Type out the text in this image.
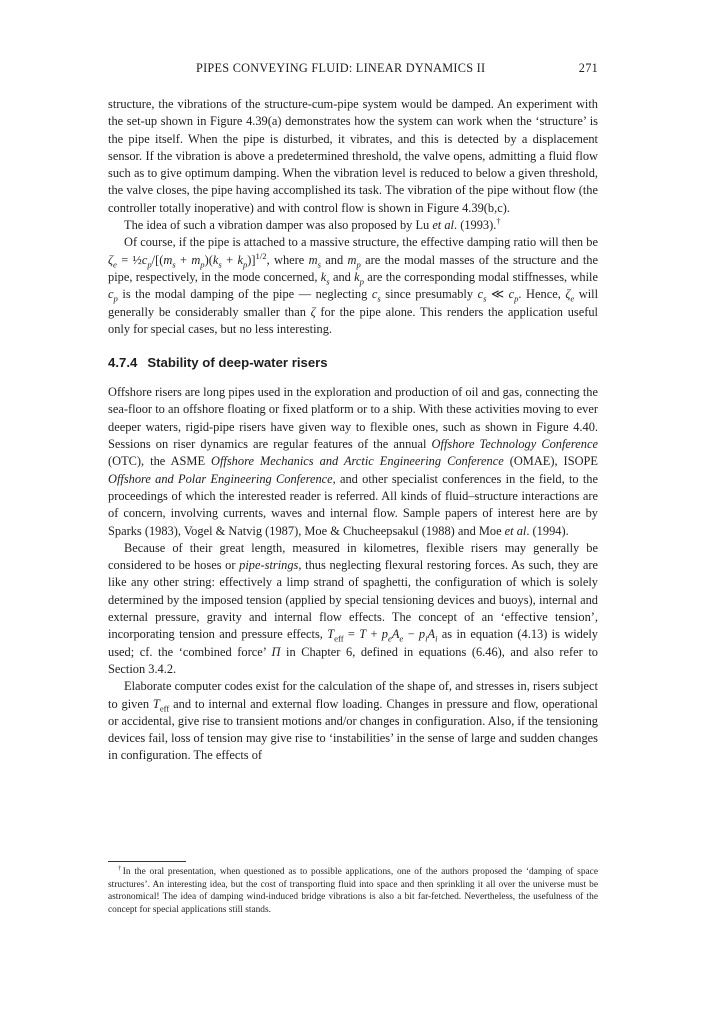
PIPES CONVEYING FLUID: LINEAR DYNAMICS II	271

structure, the vibrations of the structure-cum-pipe system would be damped. An experiment with the set-up shown in Figure 4.39(a) demonstrates how the system can work when the ‘structure’ is the pipe itself. When the pipe is disturbed, it vibrates, and this is detected by a displacement sensor. If the vibration is above a predetermined threshold, the valve opens, admitting a fluid flow such as to give optimum damping. When the vibration level is reduced to below a given threshold, the valve closes, the pipe having accomplished its task. The vibration of the pipe without flow (the controller totally inoperative) and with control flow is shown in Figure 4.39(b,c).

The idea of such a vibration damper was also proposed by Lu et al. (1993).†

Of course, if the pipe is attached to a massive structure, the effective damping ratio will then be $\zeta_e$ = $\frac{1}{2}c_p/[(m_s + m_p)(k_s + k_p)]^{1/2}$, where $m_s$ and $m_p$ are the modal masses of the structure and the pipe, respectively, in the mode concerned, $k_s$ and $k_p$ are the corresponding modal stiffnesses, while $c_p$ is the modal damping of the pipe — neglecting $c_s$ since presumably $c_s$ ≪ $c_p$. Hence, $\zeta_e$ will generally be considerably smaller than ζ for the pipe alone. This renders the application useful only for special cases, but no less interesting.

4.7.4 Stability of deep-water risers

Offshore risers are long pipes used in the exploration and production of oil and gas, connecting the sea-floor to an offshore floating or fixed platform or to a ship. With these activities moving to ever deeper waters, rigid-pipe risers have given way to flexible ones, such as shown in Figure 4.40. Sessions on riser dynamics are regular features of the annual Offshore Technology Conference (OTC), the ASME Offshore Mechanics and Arctic Engineering Conference (OMAE), ISOPE Offshore and Polar Engineering Conference, and other specialist conferences in the field, to the proceedings of which the interested reader is referred. All kinds of fluid–structure interactions are of concern, involving currents, waves and internal flow. Sample papers of interest here are by Sparks (1983), Vogel & Natvig (1987), Moe & Chucheepsakul (1988) and Moe et al. (1994).

Because of their great length, measured in kilometres, flexible risers may generally be considered to be hoses or pipe-strings, thus neglecting flexural restoring forces. As such, they are like any other string: effectively a limp strand of spaghetti, the configuration of which is solely determined by the imposed tension (applied by special tensioning devices and buoys), internal and external pressure, gravity and internal flow effects. The concept of an ‘effective tension’, incorporating tension and pressure effects, $T_{eff} = T + p_eA_e - p_iA_i$ as in equation (4.13) is widely used; cf. the ‘combined force’ Π in Chapter 6, defined in equations (6.46), and also refer to Section 3.4.2.

Elaborate computer codes exist for the calculation of the shape of, and stresses in, risers subject to given $T_{eff}$ and to internal and external flow loading. Changes in pressure and flow, operational or accidental, give rise to transient motions and/or changes in configuration. Also, if the tensioning devices fail, loss of tension may give rise to ‘instabilities’ in the sense of large and sudden changes in configuration. The effects of

†In the oral presentation, when questioned as to possible applications, one of the authors proposed the ‘damping of space structures’. An interesting idea, but the cost of transporting fluid into space and then sprinkling it all over the universe must be astronomical! The idea of damping wind-induced bridge vibrations is also a bit far-fetched. Nevertheless, the usefulness of the concept for special applications still stands.
